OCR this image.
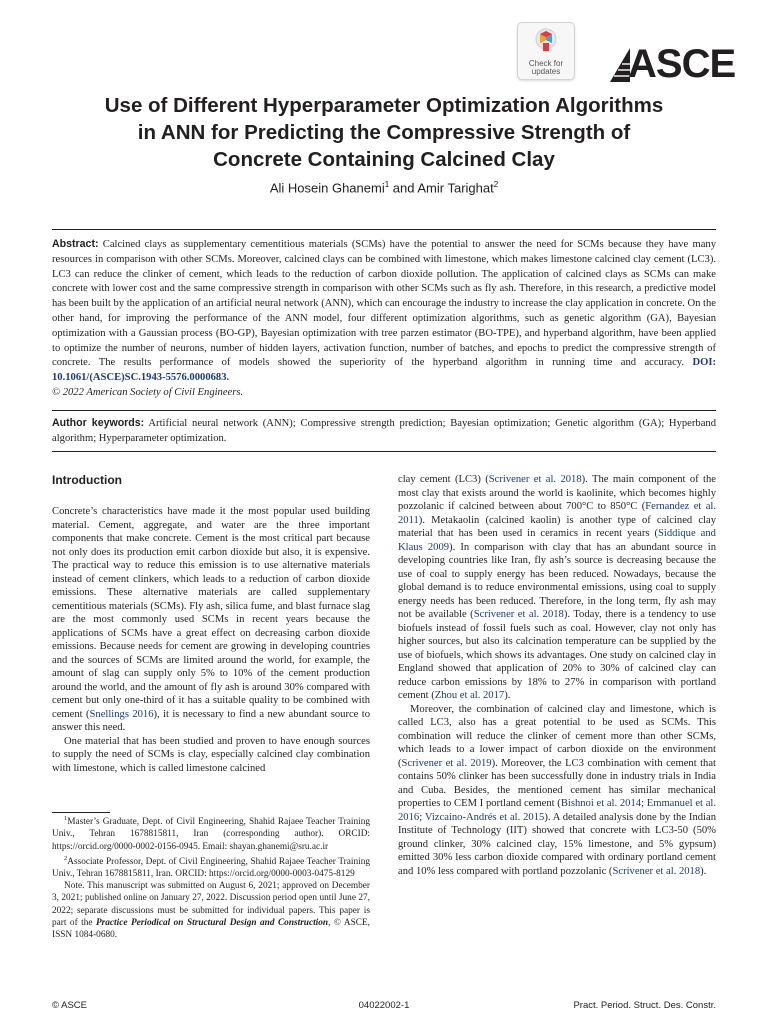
Check for
updates	ASCE
Use of Different Hyperparameter Optimization Algorithms
in ANN for Predicting the Compressive Strength of
Concrete Containing Calcined Clay
Ali Hosein Ghanemi$^1$ and Amir Tarighat$^2$

Abstract: Calcined clays as supplementary cementitious materials (SCMs) have the potential to answer the need for SCMs because they have many resources in comparison with other SCMs. Moreover, calcined clays can be combined with limestone, which makes limestone calcined clay cement (LC3). LC3 can reduce the clinker of cement, which leads to the reduction of carbon dioxide pollution. The application of calcined clays as SCMs can make concrete with lower cost and the same compressive strength in comparison with other SCMs such as fly ash. Therefore, in this research, a predictive model has been built by the application of an artificial neural network (ANN), which can encourage the industry to increase the clay application in concrete. On the other hand, for improving the performance of the ANN model, four different optimization algorithms, such as genetic algorithm (GA), Bayesian optimization with a Gaussian process (BO-GP), Bayesian optimization with tree parzen estimator (BO-TPE), and hyperband algorithm, have been applied to optimize the number of neurons, number of hidden layers, activation function, number of batches, and epochs to predict the compressive strength of concrete. The results performance of models showed the superiority of the hyperband algorithm in running time and accuracy. DOI: 10.1061/(ASCE)SC.1943-5576.0000683.
© 2022 American Society of Civil Engineers.

Author keywords: Artificial neural network (ANN); Compressive strength prediction; Bayesian optimization; Genetic algorithm (GA); Hyperband algorithm; Hyperparameter optimization.

Introduction

Concrete’s characteristics have made it the most popular used building material. Cement, aggregate, and water are the three important components that make concrete. Cement is the most critical part because not only does its production emit carbon dioxide but also, it is expensive. The practical way to reduce this emission is to use alternative materials instead of cement clinkers, which leads to a reduction of carbon dioxide emissions. These alternative materials are called supplementary cementitious materials (SCMs). Fly ash, silica fume, and blast furnace slag are the most commonly used SCMs in recent years because the applications of SCMs have a great effect on decreasing carbon dioxide emissions. Because needs for cement are growing in developing countries and the sources of SCMs are limited around the world, for example, the amount of slag can supply only 5% to 10% of the cement production around the world, and the amount of fly ash is around 30% compared with cement but only one-third of it has a suitable quality to be combined with cement (Snellings 2016), it is necessary to find a new abundant source to answer this need.

One material that has been studied and proven to have enough sources to supply the need of SCMs is clay, especially calcined clay combination with limestone, which is called limestone calcined

$^1$Master’s Graduate, Dept. of Civil Engineering, Shahid Rajaee Teacher Training Univ., Tehran 1678815811, Iran (corresponding author). ORCID: https://orcid.org/0000-0002-0156-0945. Email: shayan.ghanemi@sru.ac.ir

$^2$Associate Professor, Dept. of Civil Engineering, Shahid Rajaee Teacher Training Univ., Tehran 1678815811, Iran. ORCID: https://orcid.org/0000-0003-0475-8129

Note. This manuscript was submitted on August 6, 2021; approved on December 3, 2021; published online on January 27, 2022. Discussion period open until June 27, 2022; separate discussions must be submitted for individual papers. This paper is part of the Practice Periodical on Structural Design and Construction, © ASCE, ISSN 1084-0680.

clay cement (LC3) (Scrivener et al. 2018). The main component of the most clay that exists around the world is kaolinite, which becomes highly pozzolanic if calcined between about 700°C to 850°C (Fernandez et al. 2011). Metakaolin (calcined kaolin) is another type of calcined clay material that has been used in ceramics in recent years (Siddique and Klaus 2009). In comparison with clay that has an abundant source in developing countries like Iran, fly ash’s source is decreasing because the use of coal to supply energy has been reduced. Nowadays, because the global demand is to reduce environmental emissions, using coal to supply energy needs has been reduced. Therefore, in the long term, fly ash may not be available (Scrivener et al. 2018). Today, there is a tendency to use biofuels instead of fossil fuels such as coal. However, clay not only has higher sources, but also its calcination temperature can be supplied by the use of biofuels, which shows its advantages. One study on calcined clay in England showed that application of 20% to 30% of calcined clay can reduce carbon emissions by 18% to 27% in comparison with portland cement (Zhou et al. 2017).

Moreover, the combination of calcined clay and limestone, which is called LC3, also has a great potential to be used as SCMs. This combination will reduce the clinker of cement more than other SCMs, which leads to a lower impact of carbon dioxide on the environment (Scrivener et al. 2019). Moreover, the LC3 combination with cement that contains 50% clinker has been successfully done in industry trials in India and Cuba. Besides, the mentioned cement has similar mechanical properties to CEM I portland cement (Bishnoi et al. 2014; Emmanuel et al. 2016; Vizcaíno-Andrés et al. 2015). A detailed analysis done by the Indian Institute of Technology (IIT) showed that concrete with LC3-50 (50% ground clinker, 30% calcined clay, 15% limestone, and 5% gypsum) emitted 30% less carbon dioxide compared with ordinary portland cement and 10% less compared with portland pozzolanic (Scrivener et al. 2018).

© ASCE	04022002-1	Pract. Period. Struct. Des. Constr.
